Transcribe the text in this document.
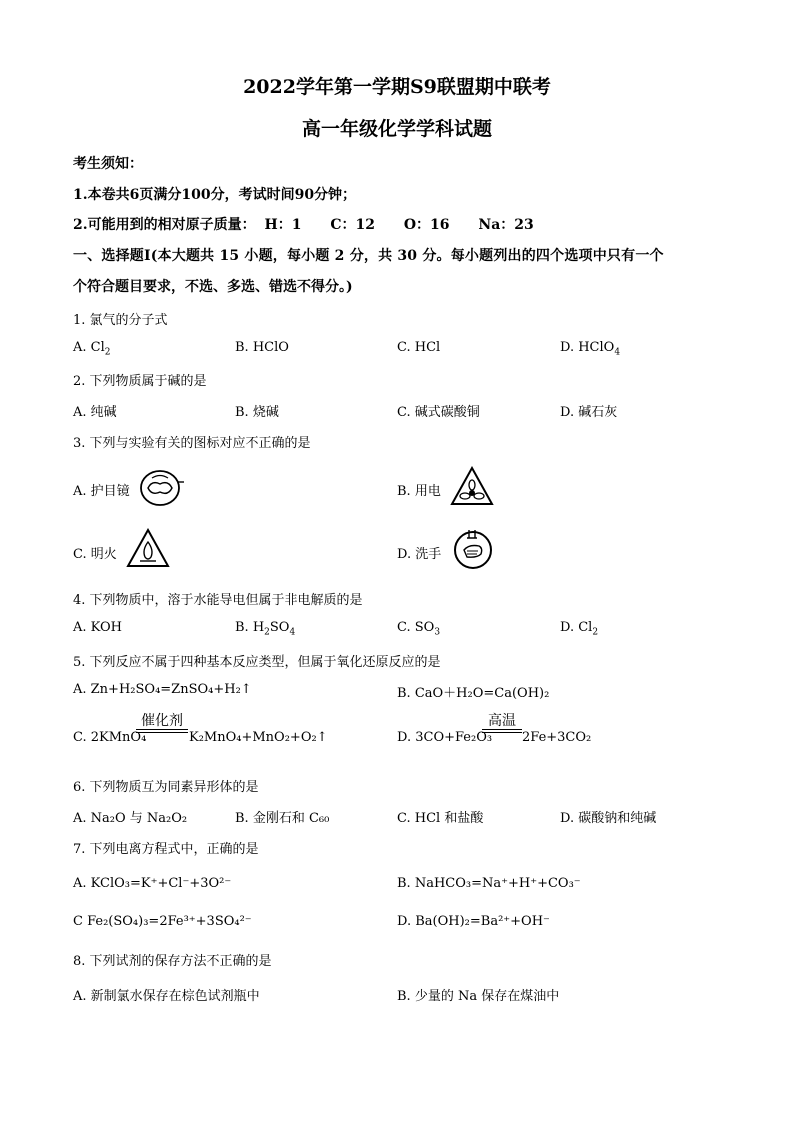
2022学年第一学期S9联盟期中联考
高一年级化学学科试题
考生须知：
1.本卷共6页满分100分，考试时间90分钟；
2.可能用到的相对原子质量： H：1 C：12 O：16 Na：23
一、选择题I(本大题共 15 小题，每小题 2 分，共 30 分。每小题列出的四个选项中只有一个
个符合题目要求，不选、多选、错选不得分。)
1. 氯气的分子式
A. $Cl_2$	B. HClO	C. HCl	D. HClO$_4$
2. 下列物质属于碱的是
A. 纯碱	B. 烧碱	C. 碱式碳酸铜	D. 碱石灰
3. 下列与实验有关的图标对应不正确的是
A. 护目镜	B. 用电
C. 明火	D. 洗手
4. 下列物质中，溶于水能导电但属于非电解质的是
A. KOH	B. $H_2SO_4$	C. $SO_3$	D. $Cl_2$
5. 下列反应不属于四种基本反应类型，但属于氧化还原反应的是
A. Zn+H₂SO₄=ZnSO₄+H₂↑	B. CaO＋H₂O=Ca(OH)₂
C. 2KMnO₄
催化剂
K₂MnO₄+MnO₂+O₂↑	D. 3CO+Fe₂O₃
高温
2Fe+3CO₂
6. 下列物质互为同素异形体的是
A. Na₂O 与 Na₂O₂	B. 金刚石和 C₆₀	C. HCl 和盐酸	D. 碳酸钠和纯碱
7. 下列电离方程式中，正确的是
A. KClO₃=K⁺+Cl⁻+3O²⁻	B. NaHCO₃=Na⁺+H⁺+CO₃⁻
C Fe₂(SO₄)₃=2Fe³⁺+3SO₄²⁻	D. Ba(OH)₂=Ba²⁺+OH⁻
8. 下列试剂的保存方法不正确的是
A. 新制氯水保存在棕色试剂瓶中	B. 少量的 Na 保存在煤油中
